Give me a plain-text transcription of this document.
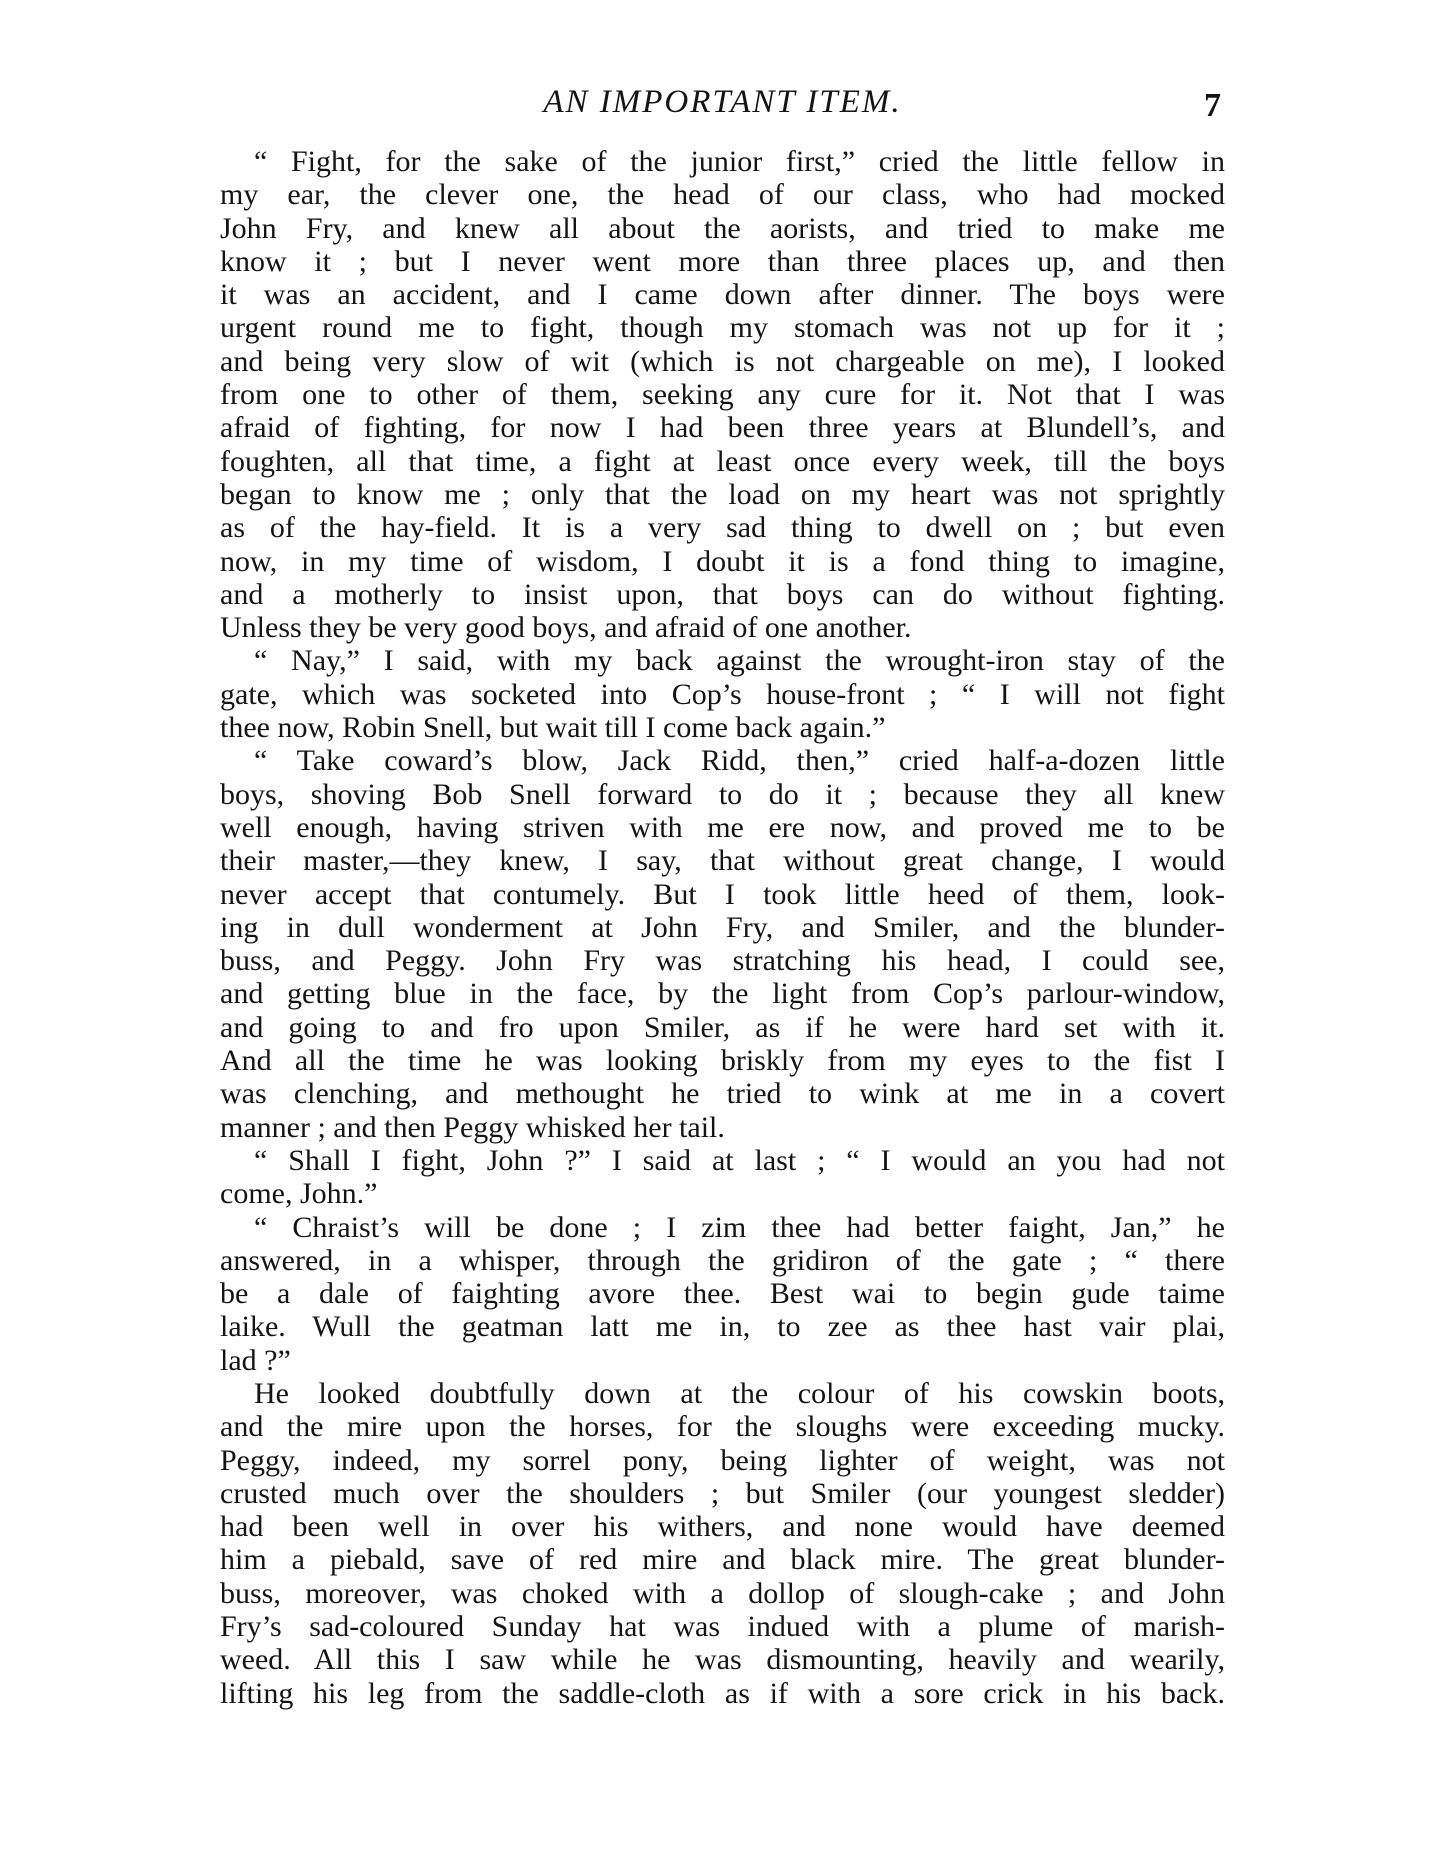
AN IMPORTANT ITEM.	7
“ Fight, for the sake of the junior first,” cried the little fellow in
my ear, the clever one, the head of our class, who had mocked
John Fry, and knew all about the aorists, and tried to make me
know it ; but I never went more than three places up, and then
it was an accident, and I came down after dinner. The boys were
urgent round me to fight, though my stomach was not up for it ;
and being very slow of wit (which is not chargeable on me), I looked
from one to other of them, seeking any cure for it. Not that I was
afraid of fighting, for now I had been three years at Blundell’s, and
foughten, all that time, a fight at least once every week, till the boys
began to know me ; only that the load on my heart was not sprightly
as of the hay-field. It is a very sad thing to dwell on ; but even
now, in my time of wisdom, I doubt it is a fond thing to imagine,
and a motherly to insist upon, that boys can do without fighting.
Unless they be very good boys, and afraid of one another.
“ Nay,” I said, with my back against the wrought-iron stay of the
gate, which was socketed into Cop’s house-front ; “ I will not fight
thee now, Robin Snell, but wait till I come back again.”
“ Take coward’s blow, Jack Ridd, then,” cried half-a-dozen little
boys, shoving Bob Snell forward to do it ; because they all knew
well enough, having striven with me ere now, and proved me to be
their master,—they knew, I say, that without great change, I would
never accept that contumely. But I took little heed of them, look-
ing in dull wonderment at John Fry, and Smiler, and the blunder-
buss, and Peggy. John Fry was stratching his head, I could see,
and getting blue in the face, by the light from Cop’s parlour-window,
and going to and fro upon Smiler, as if he were hard set with it.
And all the time he was looking briskly from my eyes to the fist I
was clenching, and methought he tried to wink at me in a covert
manner ; and then Peggy whisked her tail.
“ Shall I fight, John ?” I said at last ; “ I would an you had not
come, John.”
“ Chraist’s will be done ; I zim thee had better faight, Jan,” he
answered, in a whisper, through the gridiron of the gate ; “ there
be a dale of faighting avore thee. Best wai to begin gude taime
laike. Wull the geatman latt me in, to zee as thee hast vair plai,
lad ?”
He looked doubtfully down at the colour of his cowskin boots,
and the mire upon the horses, for the sloughs were exceeding mucky.
Peggy, indeed, my sorrel pony, being lighter of weight, was not
crusted much over the shoulders ; but Smiler (our youngest sledder)
had been well in over his withers, and none would have deemed
him a piebald, save of red mire and black mire. The great blunder-
buss, moreover, was choked with a dollop of slough-cake ; and John
Fry’s sad-coloured Sunday hat was indued with a plume of marish-
weed. All this I saw while he was dismounting, heavily and wearily,
lifting his leg from the saddle-cloth as if with a sore crick in his back.
